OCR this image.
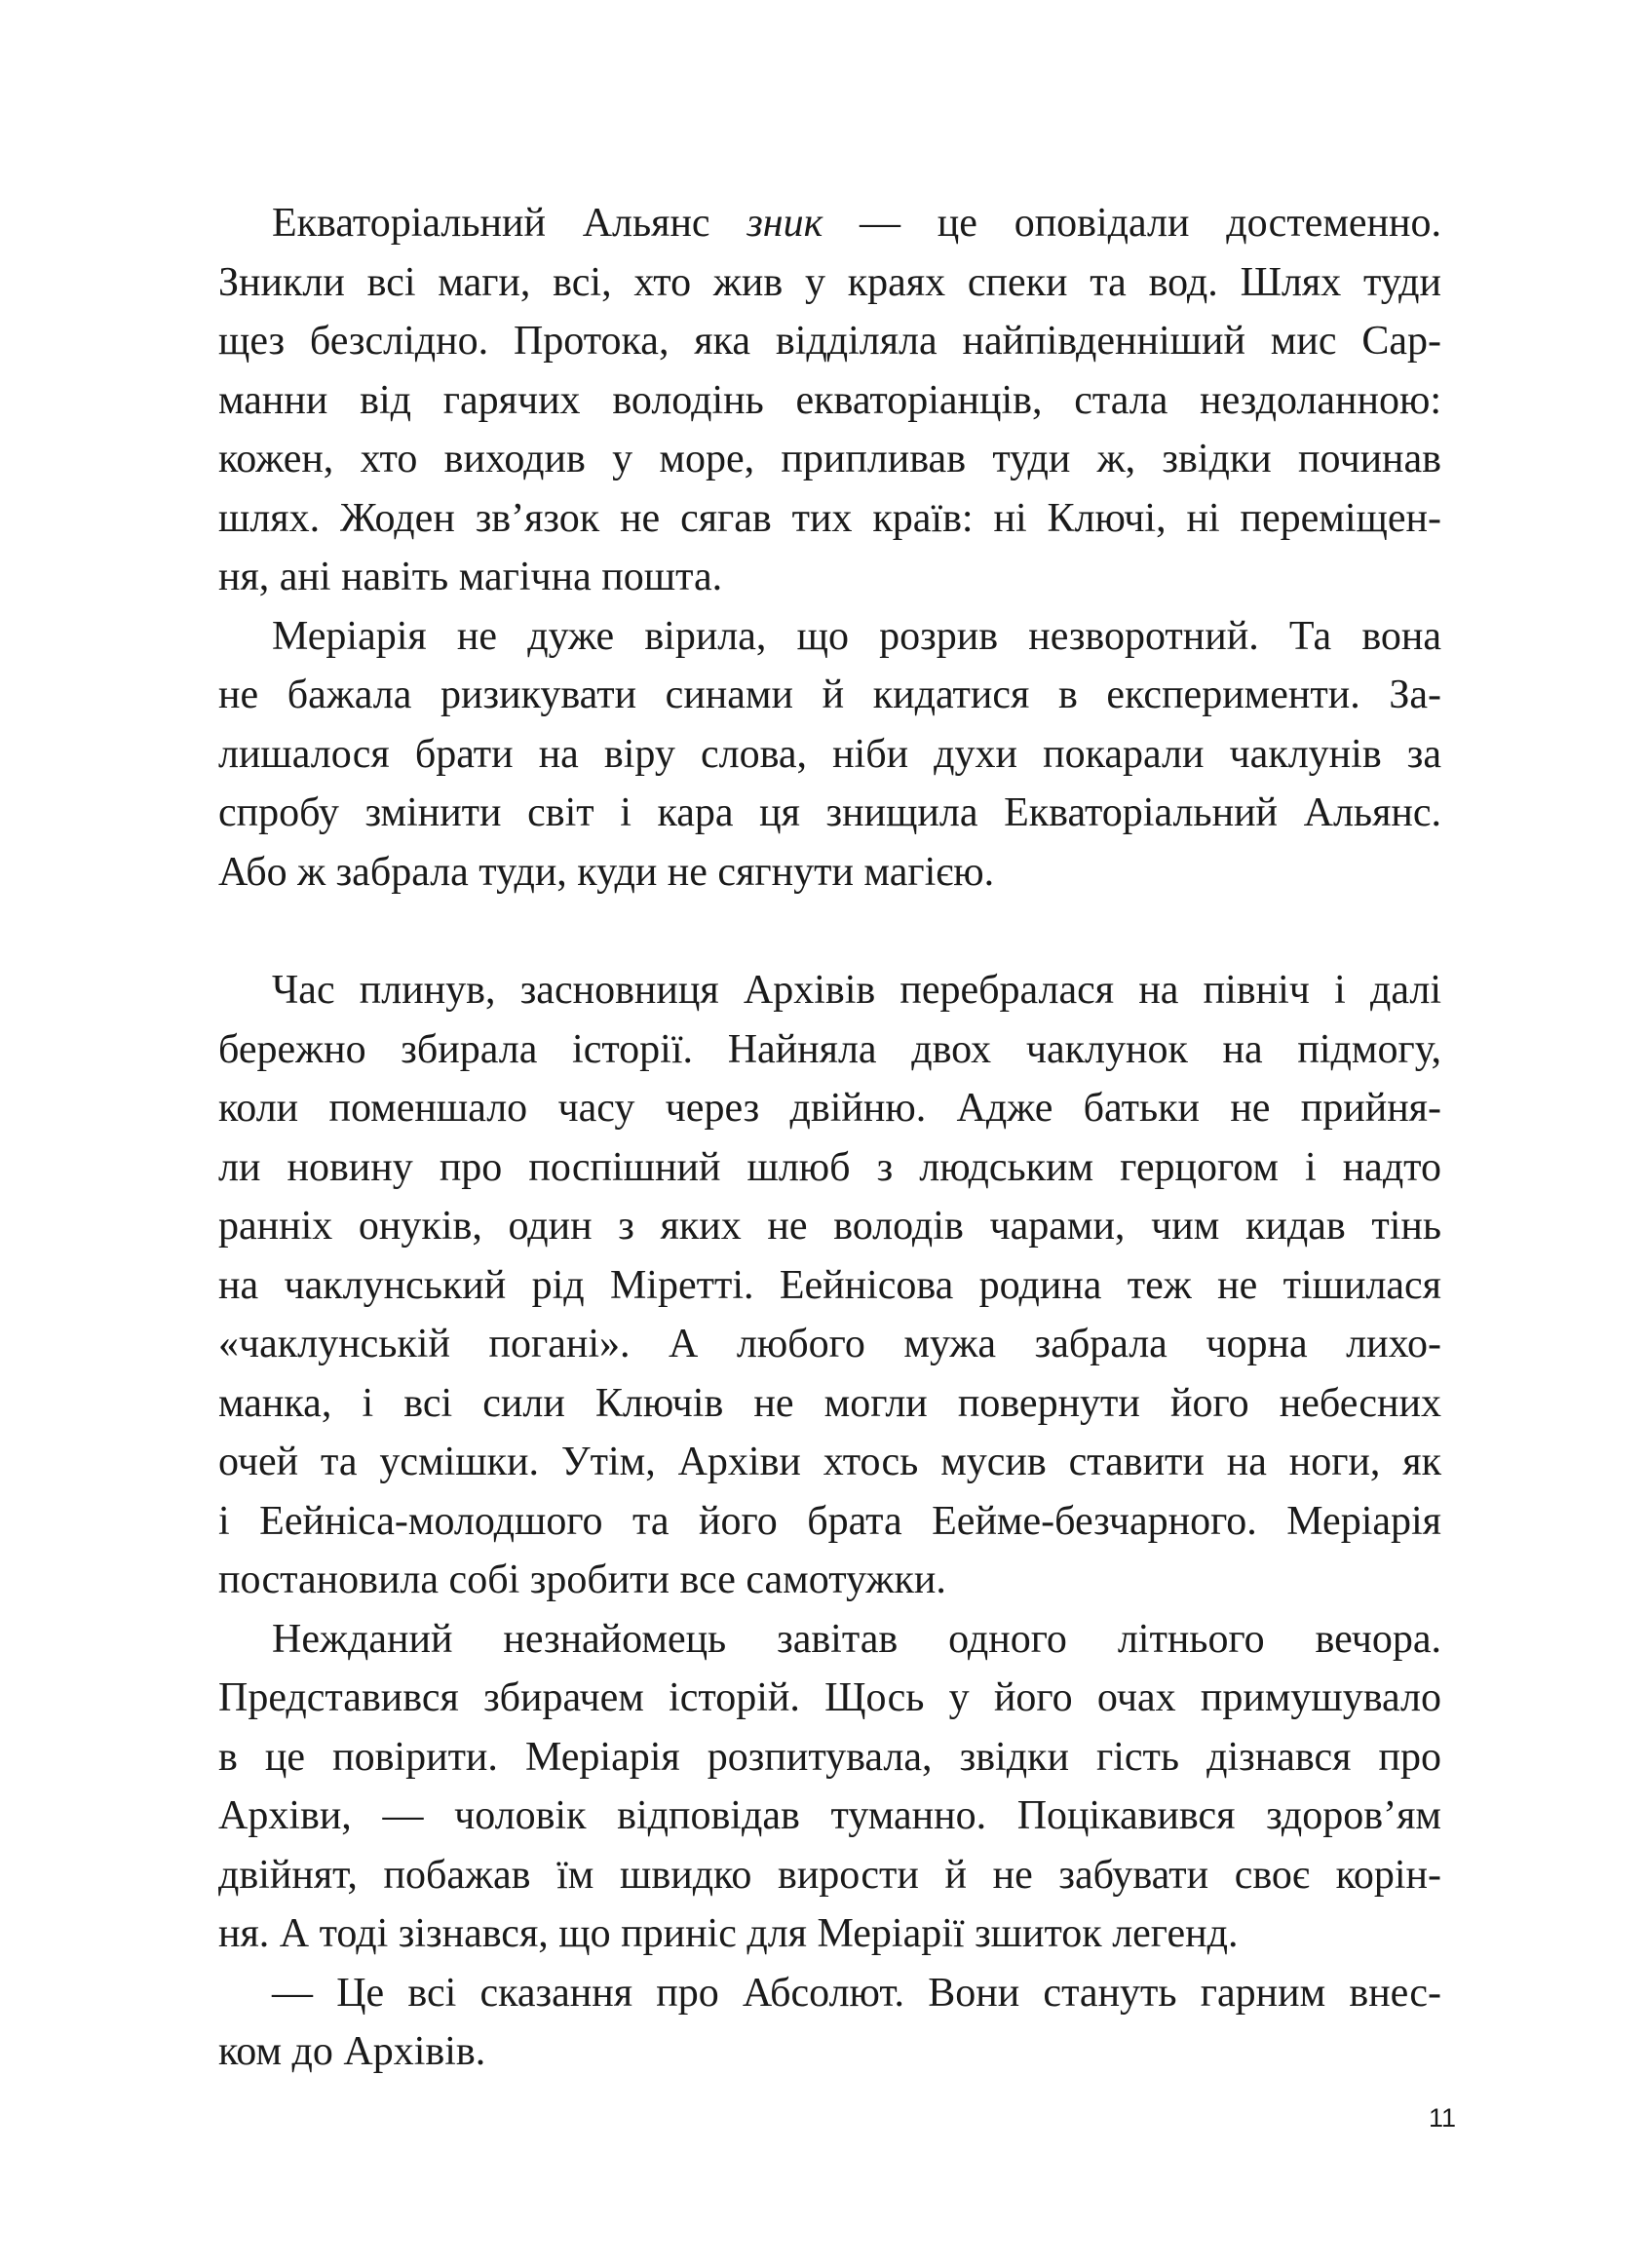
Екваторіальний Альянс зник — це оповідали достеменно.
Зникли всі маги, всі, хто жив у краях спеки та вод. Шлях туди
щез безслідно. Протока, яка відділяла найпівденніший мис Сар-
манни від гарячих володінь екваторіанців, стала нездоланною:
кожен, хто виходив у море, припливав туди ж, звідки починав
шлях. Жоден зв’язок не сягав тих країв: ні Ключі, ні переміщен-
ня, ані навіть магічна пошта.

Меріарія не дуже вірила, що розрив незворотний. Та вона
не бажала ризикувати синами й кидатися в експерименти. За-
лишалося брати на віру слова, ніби духи покарали чаклунів за
спробу змінити світ і кара ця знищила Екваторіальний Альянс.
Або ж забрала туди, куди не сягнути магією.

Час плинув, засновниця Архівів перебралася на північ і далі
бережно збирала історії. Найняла двох чаклунок на підмогу,
коли поменшало часу через двійню. Адже батьки не прийня-
ли новину про поспішний шлюб з людським герцогом і надто
ранніх онуків, один з яких не володів чарами, чим кидав тінь
на чаклунський рід Міретті. Еейнісова родина теж не тішилася
«чаклунській погані». А любого мужа забрала чорна лихо-
манка, і всі сили Ключів не могли повернути його небесних
очей та усмішки. Утім, Архіви хтось мусив ставити на ноги, як
і Еейніса-молодшого та його брата Еейме-безчарного. Меріарія
постановила собі зробити все самотужки.

Нежданий незнайомець завітав одного літнього вечора.
Представився збирачем історій. Щось у його очах примушувало
в це повірити. Меріарія розпитувала, звідки гість дізнався про
Архіви, — чоловік відповідав туманно. Поцікавився здоров’ям
двійнят, побажав їм швидко вирости й не забувати своє корін-
ня. А тоді зізнався, що приніс для Меріарії зшиток легенд.

— Це всі сказання про Абсолют. Вони стануть гарним внес-
ком до Архівів.

11
